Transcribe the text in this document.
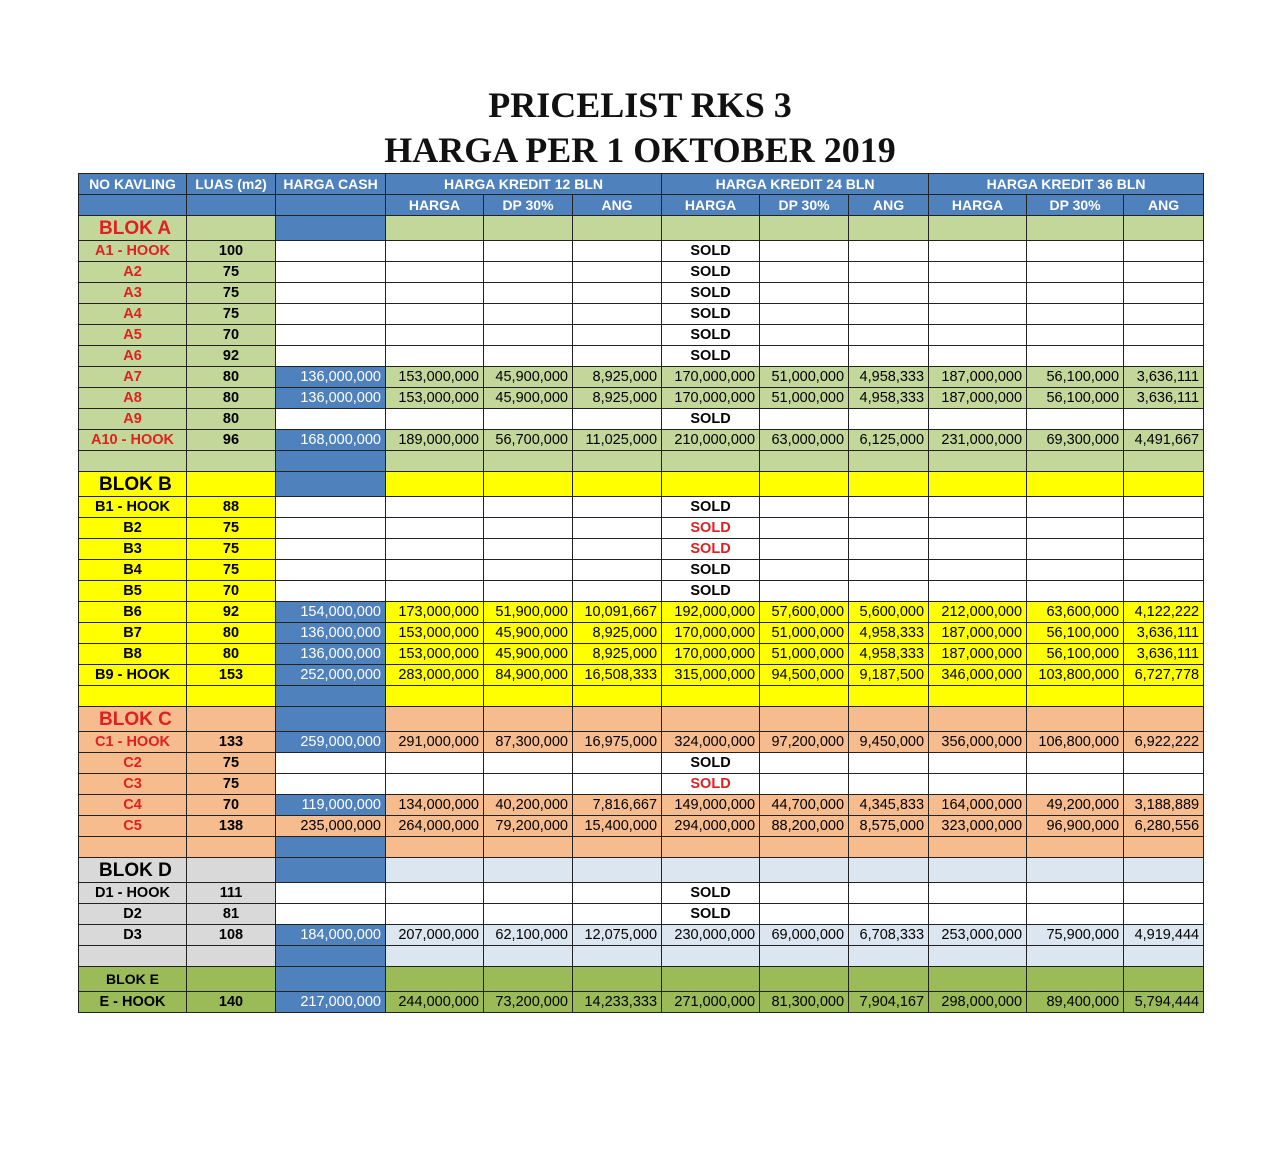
PRICELIST RKS 3
HARGA PER 1 OKTOBER 2019
NO KAVLING	LUAS (m2)	HARGA CASH	HARGA KREDIT 12 BLN			HARGA KREDIT 24 BLN			HARGA KREDIT 36 BLN		
			HARGA	DP 30%	ANG	HARGA	DP 30%	ANG	HARGA	DP 30%	ANG
BLOK A											
A1 - HOOK	100					SOLD					
A2	75					SOLD					
A3	75					SOLD					
A4	75					SOLD					
A5	70					SOLD					
A6	92					SOLD					
A7	80	136,000,000	153,000,000	45,900,000	8,925,000	170,000,000	51,000,000	4,958,333	187,000,000	56,100,000	3,636,111
A8	80	136,000,000	153,000,000	45,900,000	8,925,000	170,000,000	51,000,000	4,958,333	187,000,000	56,100,000	3,636,111
A9	80					SOLD					
A10 - HOOK	96	168,000,000	189,000,000	56,700,000	11,025,000	210,000,000	63,000,000	6,125,000	231,000,000	69,300,000	4,491,667

BLOK B											
B1 - HOOK	88					SOLD					
B2	75					SOLD					
B3	75					SOLD					
B4	75					SOLD					
B5	70					SOLD					
B6	92	154,000,000	173,000,000	51,900,000	10,091,667	192,000,000	57,600,000	5,600,000	212,000,000	63,600,000	4,122,222
B7	80	136,000,000	153,000,000	45,900,000	8,925,000	170,000,000	51,000,000	4,958,333	187,000,000	56,100,000	3,636,111
B8	80	136,000,000	153,000,000	45,900,000	8,925,000	170,000,000	51,000,000	4,958,333	187,000,000	56,100,000	3,636,111
B9 - HOOK	153	252,000,000	283,000,000	84,900,000	16,508,333	315,000,000	94,500,000	9,187,500	346,000,000	103,800,000	6,727,778

BLOK C											
C1 - HOOK	133	259,000,000	291,000,000	87,300,000	16,975,000	324,000,000	97,200,000	9,450,000	356,000,000	106,800,000	6,922,222
C2	75					SOLD					
C3	75					SOLD					
C4	70	119,000,000	134,000,000	40,200,000	7,816,667	149,000,000	44,700,000	4,345,833	164,000,000	49,200,000	3,188,889
C5	138	235,000,000	264,000,000	79,200,000	15,400,000	294,000,000	88,200,000	8,575,000	323,000,000	96,900,000	6,280,556

BLOK D											
D1 - HOOK	111					SOLD					
D2	81					SOLD					
D3	108	184,000,000	207,000,000	62,100,000	12,075,000	230,000,000	69,000,000	6,708,333	253,000,000	75,900,000	4,919,444

BLOK E											
E - HOOK	140	217,000,000	244,000,000	73,200,000	14,233,333	271,000,000	81,300,000	7,904,167	298,000,000	89,400,000	5,794,444
